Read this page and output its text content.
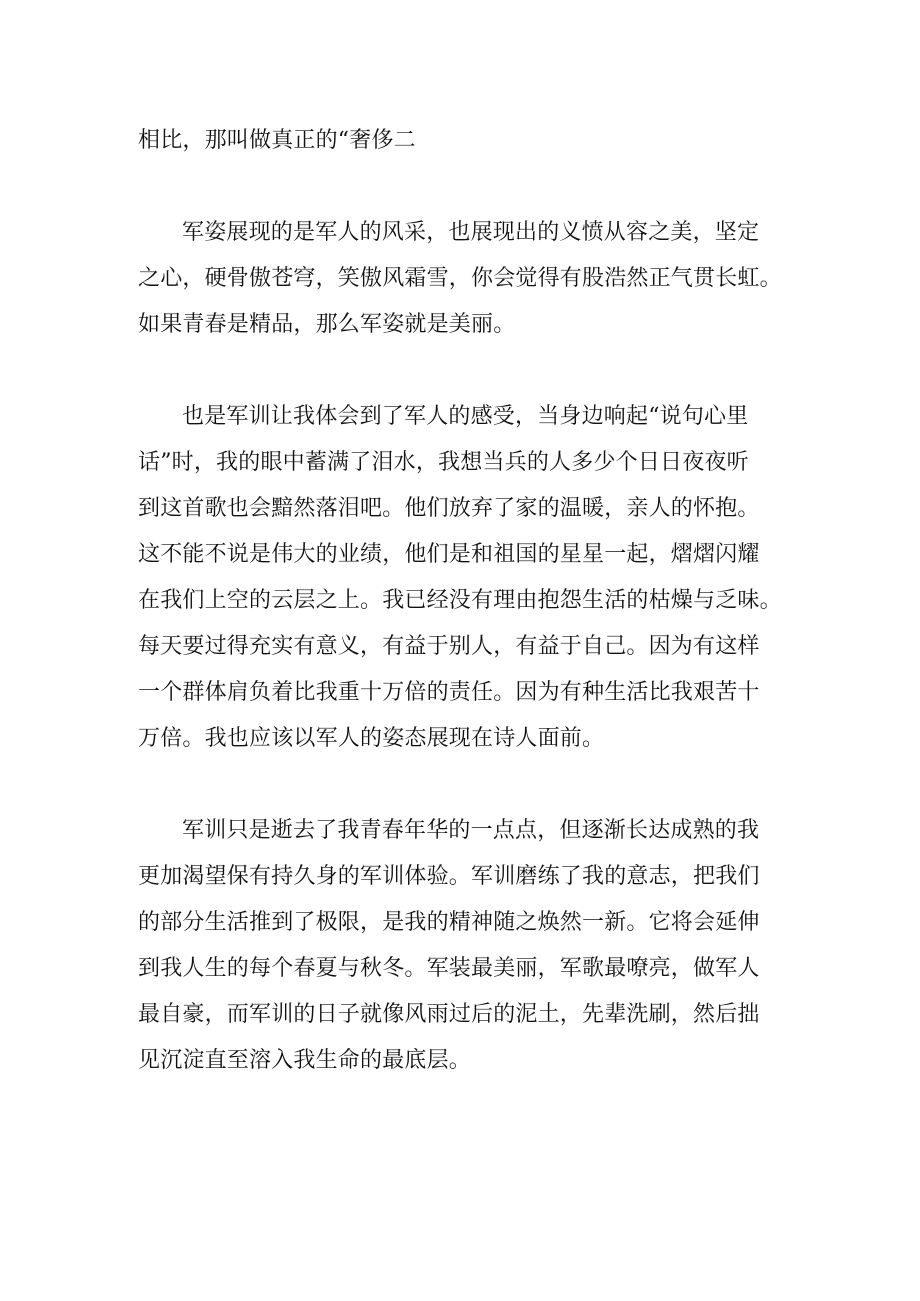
相比，那叫做真正的“奢侈二
军姿展现的是军人的风采，也展现出的义愤从容之美，坚定
之心，硬骨傲苍穹，笑傲风霜雪，你会觉得有股浩然正气贯长虹。
如果青春是精品，那么军姿就是美丽。
也是军训让我体会到了军人的感受，当身边响起“说句心里
话”时，我的眼中蓄满了泪水，我想当兵的人多少个日日夜夜听
到这首歌也会黯然落泪吧。他们放弃了家的温暖，亲人的怀抱。
这不能不说是伟大的业绩，他们是和祖国的星星一起，熠熠闪耀
在我们上空的云层之上。我已经没有理由抱怨生活的枯燥与乏味。
每天要过得充实有意义，有益于别人，有益于自己。因为有这样
一个群体肩负着比我重十万倍的责任。因为有种生活比我艰苦十
万倍。我也应该以军人的姿态展现在诗人面前。
军训只是逝去了我青春年华的一点点，但逐渐长达成熟的我
更加渴望保有持久身的军训体验。军训磨练了我的意志，把我们
的部分生活推到了极限，是我的精神随之焕然一新。它将会延伸
到我人生的每个春夏与秋冬。军装最美丽，军歌最嘹亮，做军人
最自豪，而军训的日子就像风雨过后的泥土，先辈洗刷，然后拙
见沉淀直至溶入我生命的最底层。
